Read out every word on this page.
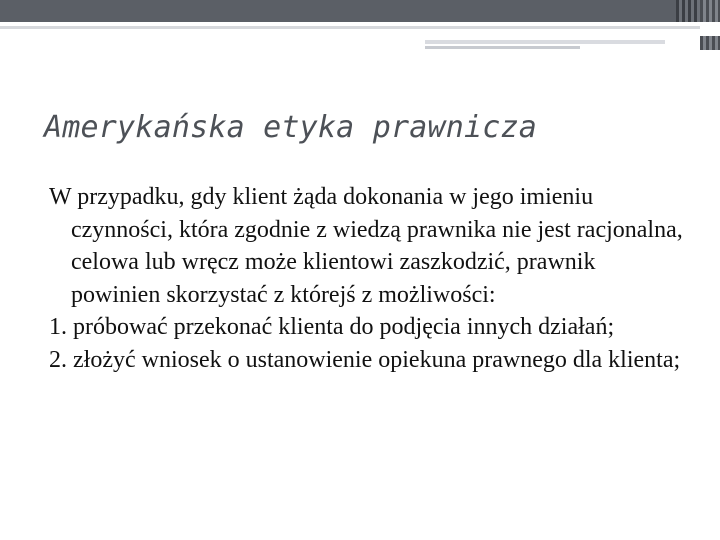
Amerykańska etyka prawnicza

W przypadku, gdy klient żąda dokonania w jego imieniu czynności, która zgodnie z wiedzą prawnika nie jest racjonalna, celowa lub wręcz może klientowi zaszkodzić, prawnik powinien skorzystać z którejś z możliwości:

1. próbować przekonać klienta do podjęcia innych działań;

2. złożyć wniosek o ustanowienie opiekuna prawnego dla klienta;
